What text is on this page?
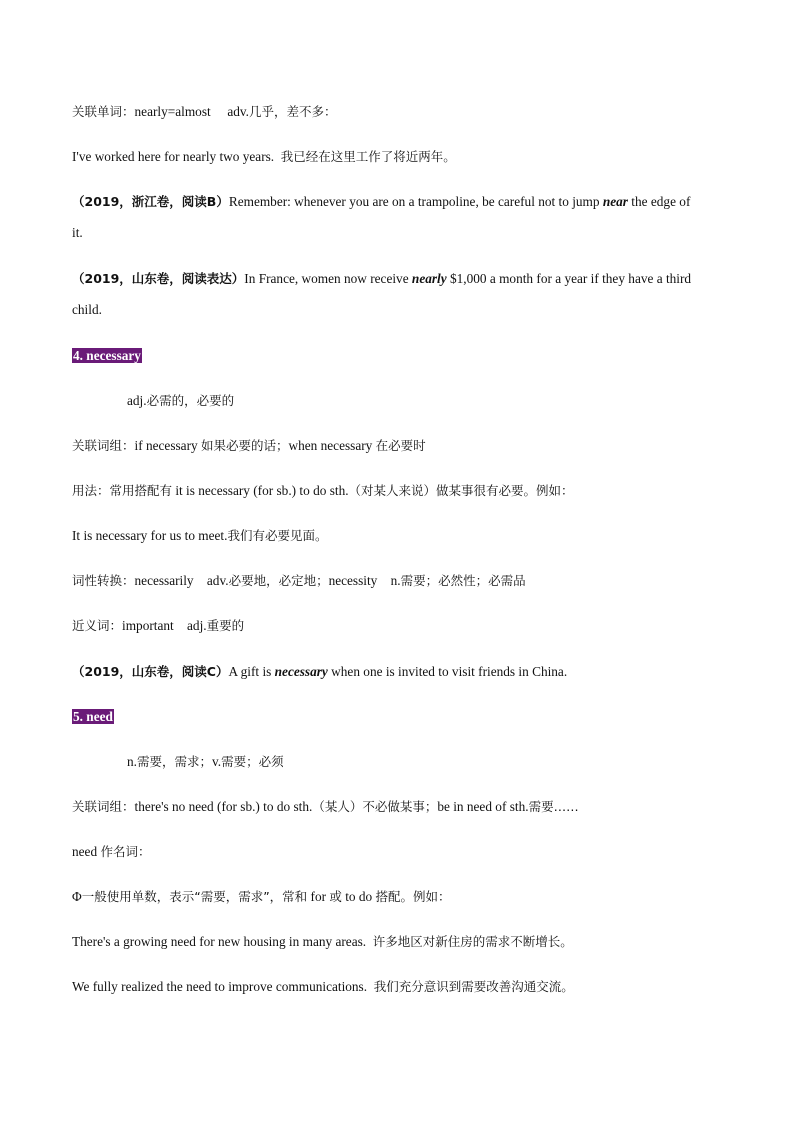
关联单词：nearly=almost adv.几乎，差不多：
I've worked here for nearly two years. 我已经在这里工作了将近两年。
（2019，浙江卷，阅读B）Remember: whenever you are on a trampoline, be careful not to jump near the edge of
it.
（2019，山东卷，阅读表达）In France, women now receive nearly $1,000 a month for a year if they have a third
child.
4. necessary
adj.必需的，必要的
关联词组：if necessary 如果必要的话；when necessary 在必要时
用法：常用搭配有 it is necessary (for sb.) to do sth.（对某人来说）做某事很有必要。例如：
It is necessary for us to meet.我们有必要见面。
词性转换：necessarily adv.必要地，必定地；necessity n.需要；必然性；必需品
近义词：important adj.重要的
（2019，山东卷，阅读C）A gift is necessary when one is invited to visit friends in China.
5. need
n.需要，需求；v.需要；必须
关联词组：there's no need (for sb.) to do sth.（某人）不必做某事；be in need of sth.需要……
need 作名词：
Φ一般使用单数，表示“需要，需求”，常和 for 或 to do 搭配。例如：
There's a growing need for new housing in many areas. 许多地区对新住房的需求不断增长。
We fully realized the need to improve communications. 我们充分意识到需要改善沟通交流。
